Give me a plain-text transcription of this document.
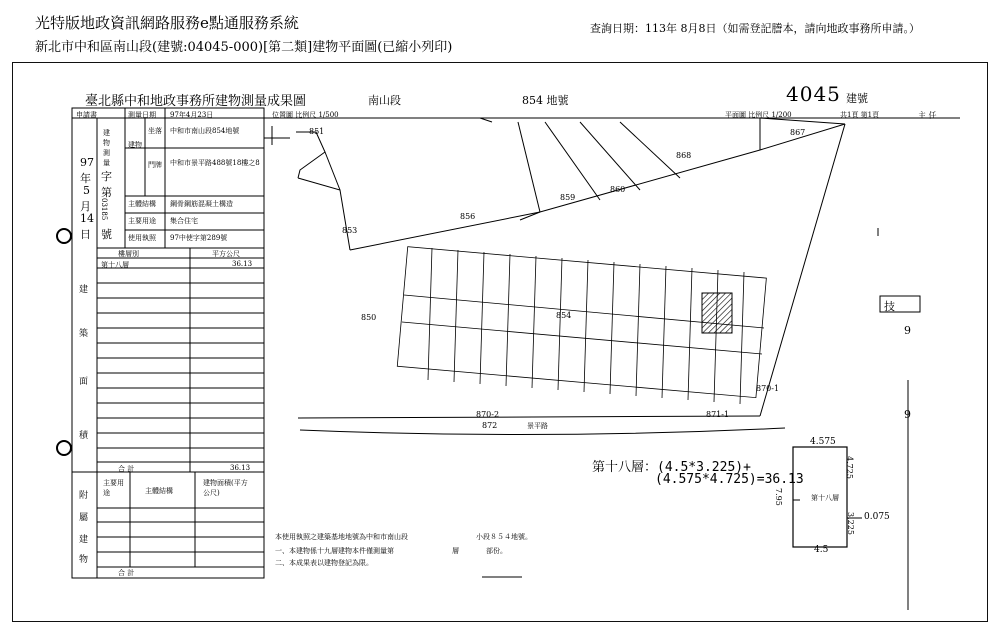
光特版地政資訊網路服務e點通服務系統
新北市中和區南山段(建號:04045-000)[第二類]建物平面圖(已縮小列印)
查詢日期：113年 8月8日（如需登記謄本，請向地政事務所申請。）
臺北縣中和地政事務所建物測量成果圖	南山段	854 地號	4045 建號
共1頁 第1頁	主 任
位置圖 比例尺 1/500	平面圖 比例尺 1/200
申請書	測量日期 97年4月23日
坐落 中和市南山段854地號
建物
門牌 中和市景平路488號18樓之8
主體結構 鋼骨鋼筋混凝土構造
主要用途 集合住宅
使用執照 97中使字第289號
97
年
5
月
14
日
建
物
測
量
字
第
03185
號
樓層別	平方公尺
第十八層	36.13
建
築
面
積
合 計	36.13
附
屬
建
物
主要用途	主體結構
建物面積(平方公尺)
合 計
851	867
868
859
860
856
853
850	854
870-1
870-2	871-1
872	景平路
第十八層：(4.5*3.225)+
(4.575*4.725)=36.13
4.575
4.725
7.95	第十八層
3.225 0.075
4.5
本使用執照之建築基地地號為中和市南山段	小段８５４地號。
一、本建物係十九層建物本件僅測量第	層	部份。
二、本成果表以建物登記為限。
技
9
9
